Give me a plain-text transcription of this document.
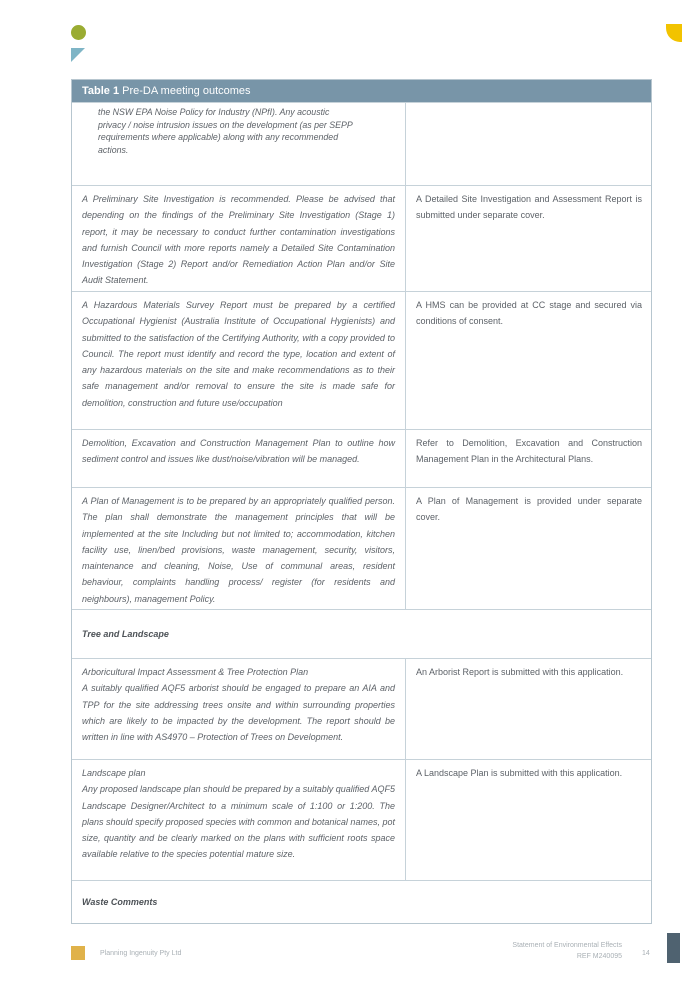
Table 1 Pre-DA meeting outcomes
the NSW EPA Noise Policy for Industry (NPfI). Any acoustic
privacy / noise intrusion issues on the development (as per SEPP
requirements where applicable) along with any recommended
actions.
A Preliminary Site Investigation is recommended. Please be advised that depending on the findings of the Preliminary Site Investigation (Stage 1) report, it may be necessary to conduct further contamination investigations and furnish Council with more reports namely a Detailed Site Contamination Investigation (Stage 2) Report and/or Remediation Action Plan and/or Site Audit Statement.
A Detailed Site Investigation and Assessment Report is submitted under separate cover.
A Hazardous Materials Survey Report must be prepared by a certified Occupational Hygienist (Australia Institute of Occupational Hygienists) and submitted to the satisfaction of the Certifying Authority, with a copy provided to Council. The report must identify and record the type, location and extent of any hazardous materials on the site and make recommendations as to their safe management and/or removal to ensure the site is made safe for demolition, construction and future use/occupation
A HMS can be provided at CC stage and secured via conditions of consent.
Demolition, Excavation and Construction Management Plan to outline how sediment control and issues like dust/noise/vibration will be managed.
Refer to Demolition, Excavation and Construction Management Plan in the Architectural Plans.
A Plan of Management is to be prepared by an appropriately qualified person. The plan shall demonstrate the management principles that will be implemented at the site Including but not limited to; accommodation, kitchen facility use, linen/bed provisions, waste management, security, visitors, maintenance and cleaning, Noise, Use of communal areas, resident behaviour, complaints handling process/ register (for residents and neighbours), management Policy.
A Plan of Management is provided under separate cover.
Tree and Landscape
Arboricultural Impact Assessment & Tree Protection Plan
A suitably qualified AQF5 arborist should be engaged to prepare an AIA and TPP for the site addressing trees onsite and within surrounding properties which are likely to be impacted by the development. The report should be written in line with AS4970 – Protection of Trees on Development.
An Arborist Report is submitted with this application.
Landscape plan
Any proposed landscape plan should be prepared by a suitably qualified AQF5 Landscape Designer/Architect to a minimum scale of 1:100 or 1:200. The plans should specify proposed species with common and botanical names, pot size, quantity and be clearly marked on the plans with sufficient roots space available relative to the species potential mature size.
A Landscape Plan is submitted with this application.
Waste Comments
Planning Ingenuity Pty Ltd
Statement of Environmental Effects
REF M240095	14
